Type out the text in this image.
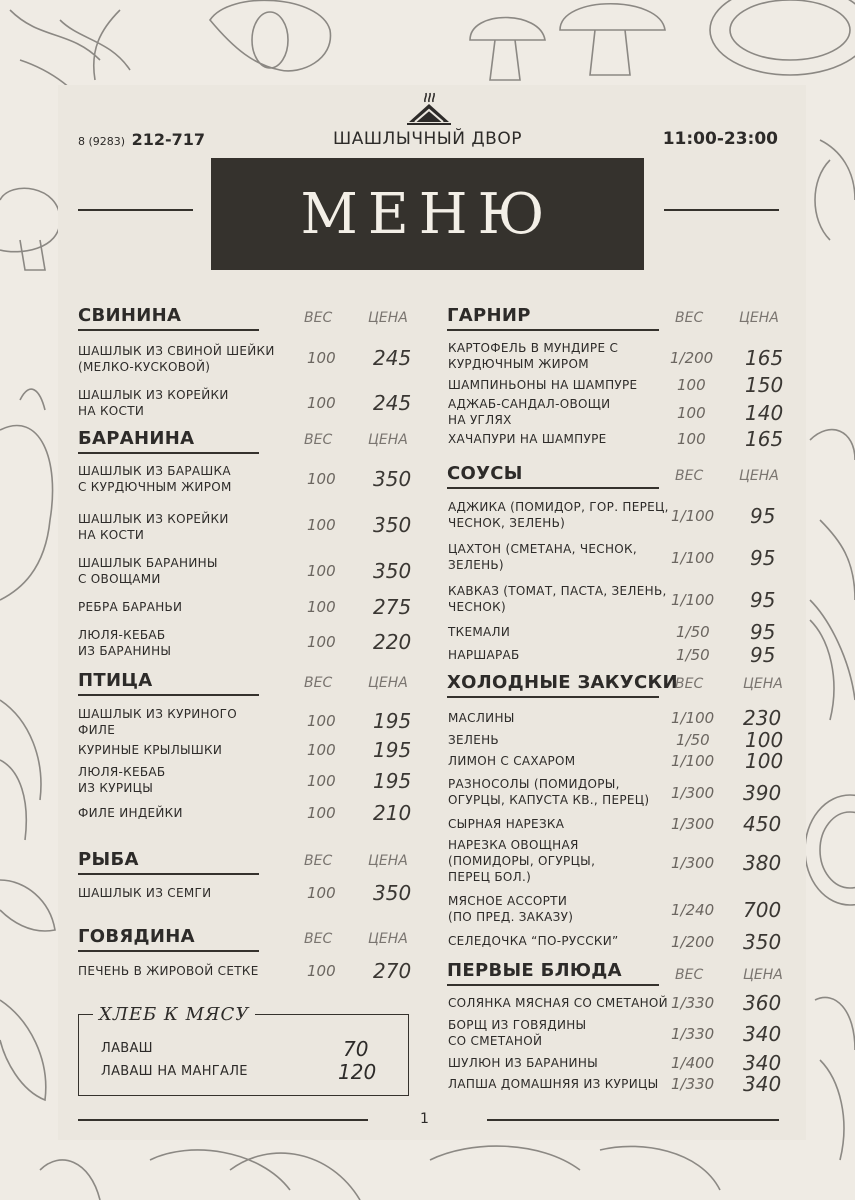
8 (9283) 212-717	ШАШЛЫЧНЫЙ ДВОР	11:00-23:00
МЕНЮ
СВИНИНА	ВЕС	ЦЕНА
ШАШЛЫК ИЗ СВИНОЙ ШЕЙКИ
(МЕЛКО-КУСКОВОЙ)	100 245
ШАШЛЫК ИЗ КОРЕЙКИ
НА КОСТИ	100 245
БАРАНИНА	ВЕС	ЦЕНА
ШАШЛЫК ИЗ БАРАШКА
С КУРДЮЧНЫМ ЖИРОМ	100 350
ШАШЛЫК ИЗ КОРЕЙКИ
НА КОСТИ
100 350
ШАШЛЫК БАРАНИНЫ
С ОВОЩАМИ	100 350
РЕБРА БАРАНЬИ	100 275
ЛЮЛЯ-КЕБАБ
ИЗ БАРАНИНЫ	100 220
ПТИЦА	ВЕС	ЦЕНА
ШАШЛЫК ИЗ КУРИНОГО
ФИЛЕ	100 195
КУРИНЫЕ КРЫЛЫШКИ	100 195
ЛЮЛЯ-КЕБАБ
ИЗ КУРИЦЫ	100 195
ФИЛЕ ИНДЕЙКИ	100 210
РЫБА	ВЕС	ЦЕНА
ШАШЛЫК ИЗ СЕМГИ	100 350
ГОВЯДИНА	ВЕС	ЦЕНА
ПЕЧЕНЬ В ЖИРОВОЙ СЕТКЕ	100 270
ХЛЕБ К МЯСУ
ЛАВАШ	70
ЛАВАШ НА МАНГАЛЕ	120
ГАРНИР	ВЕС	ЦЕНА
КАРТОФЕЛЬ В МУНДИРЕ С
КУРДЮЧНЫМ ЖИРОМ	1/200 165
ШАМПИНЬОНЫ НА ШАМПУРЕ	100 150
АДЖАБ-САНДАЛ-ОВОЩИ
НА УГЛЯХ	100 140
ХАЧАПУРИ НА ШАМПУРЕ	100 165
СОУСЫ	ВЕС	ЦЕНА
АДЖИКА (ПОМИДОР, ГОР. ПЕРЕЦ,
ЧЕСНОК, ЗЕЛЕНЬ)	1/100 95
ЦАХТОН (СМЕТАНА, ЧЕСНОК,
ЗЕЛЕНЬ)	1/100 95
КАВКАЗ (ТОМАТ, ПАСТА, ЗЕЛЕНЬ,
ЧЕСНОК)	1/100 95
ТКЕМАЛИ	1/50 95
НАРШАРАБ	1/50 95
ХОЛОДНЫЕ ЗАКУСКИ
ВЕС	ЦЕНА
МАСЛИНЫ	1/100 230
ЗЕЛЕНЬ	1/50 100
ЛИМОН С САХАРОМ	1/100 100
РАЗНОСОЛЫ (ПОМИДОРЫ,
ОГУРЦЫ, КАПУСТА КВ., ПЕРЕЦ) 1/300 390
СЫРНАЯ НАРЕЗКА	1/300 450
НАРЕЗКА ОВОЩНАЯ
(ПОМИДОРЫ, ОГУРЦЫ,
ПЕРЕЦ БОЛ.)
1/300 380
МЯСНОЕ АССОРТИ
(ПО ПРЕД. ЗАКАЗУ)	1/240 700
СЕЛЕДОЧКА “ПО-РУССКИ”	1/200 350
ПЕРВЫЕ БЛЮДА	ВЕС	ЦЕНА
СОЛЯНКА МЯСНАЯ СО СМЕТАНОЙ 1/330 360
БОРЩ ИЗ ГОВЯДИНЫ
СО СМЕТАНОЙ	1/330 340
ШУЛЮН ИЗ БАРАНИНЫ	1/400 340
ЛАПША ДОМАШНЯЯ ИЗ КУРИЦЫ 1/330 340
1
